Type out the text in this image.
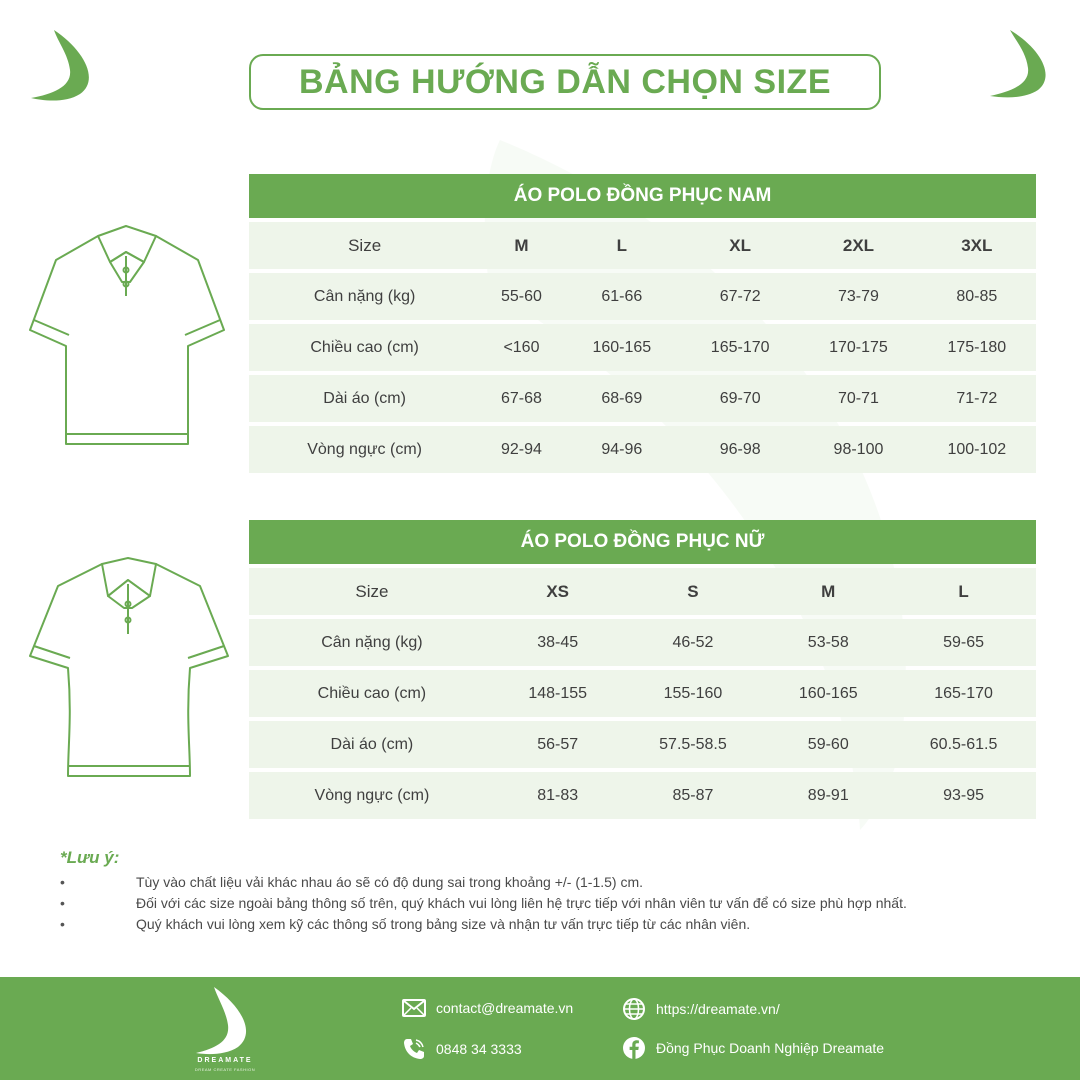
BẢNG HƯỚNG DẪN CHỌN SIZE
ÁO POLO ĐỒNG PHỤC NAM					
Size	M	L	XL	2XL	3XL
Cân nặng (kg)	55-60	61-66	67-72	73-79	80-85
Chiều cao (cm)	<160	160-165	165-170	170-175	175-180
Dài áo (cm)	67-68	68-69	69-70	70-71	71-72
Vòng ngực (cm)	92-94	94-96	96-98	98-100	100-102
ÁO POLO ĐỒNG PHỤC NỮ				
Size	XS	S	M	L
Cân nặng (kg)	38-45	46-52	53-58	59-65
Chiều cao (cm)	148-155	155-160	160-165	165-170
Dài áo (cm)	56-57	57.5-58.5	59-60	60.5-61.5
Vòng ngực (cm)	81-83	85-87	89-91	93-95
*Lưu ý:
•	Tùy vào chất liệu vải khác nhau áo sẽ có độ dung sai trong khoảng +/- (1-1.5) cm.
•	Đối với các size ngoài bảng thông số trên, quý khách vui lòng liên hệ trực tiếp với nhân viên tư vấn để có size phù hợp nhất.
•	Quý khách vui lòng xem kỹ các thông số trong bảng size và nhận tư vấn trực tiếp từ các nhân viên.
DREAMATE
DREAM CREATE FASHION
contact@dreamate.vn
0848 34 3333
https://dreamate.vn/
Đồng Phục Doanh Nghiệp Dreamate
